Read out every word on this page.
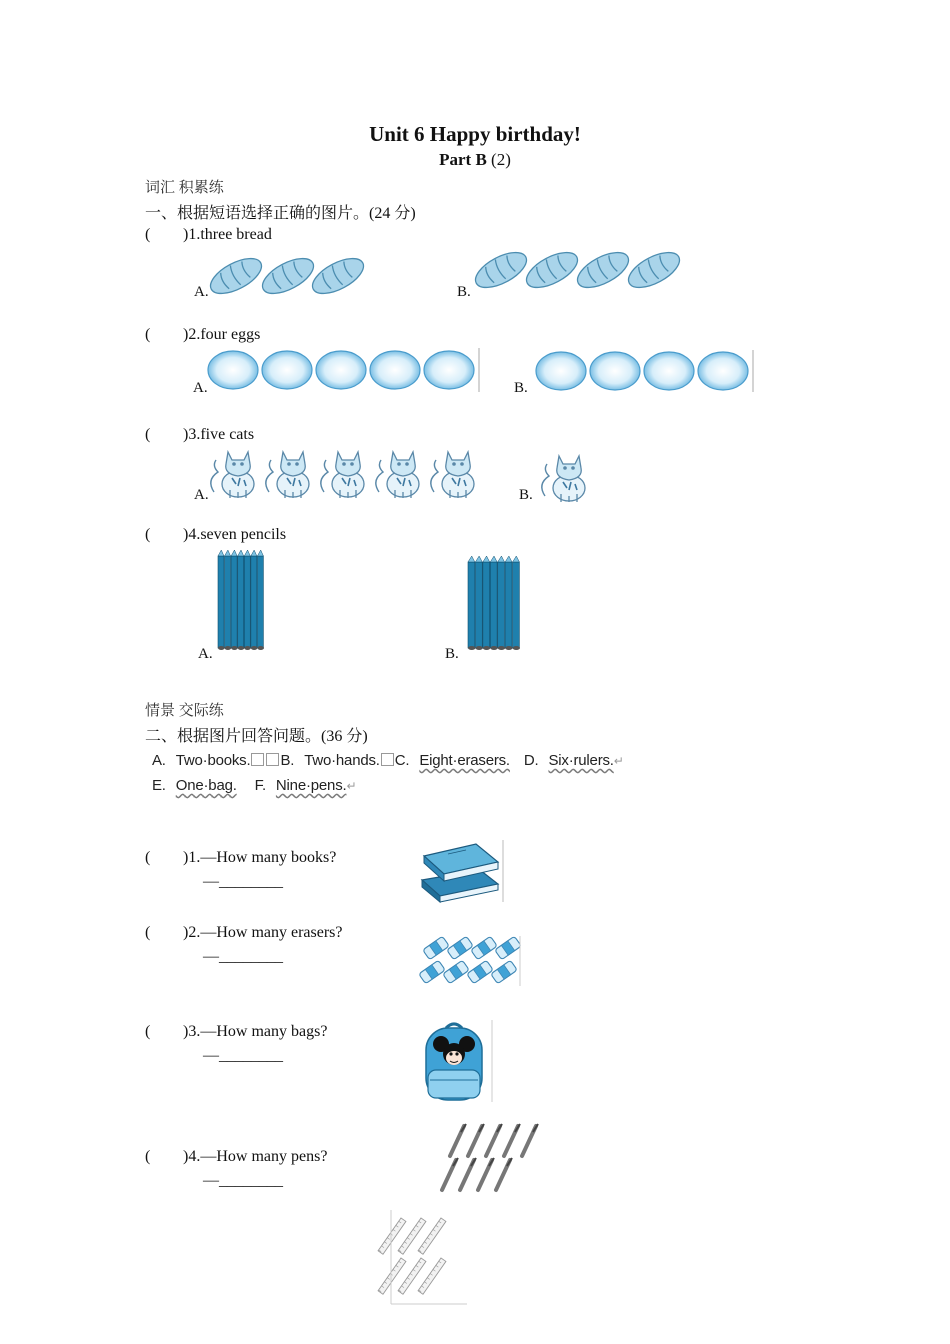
Unit 6 Happy birthday!
Part B (2)
词汇 积累练
一、根据短语选择正确的图片。(24 分)
( )1.three bread
A.	B.
( )2.four eggs
A.	B.
( )3.five cats
A.	B.
( )4.seven pencils
A.	B.
情景 交际练
二、根据图片回答问题。(36 分)
A. Two·books. B. Two·hands. C. Eight·erasers. D. Six·rulers.↵
E. One·bag. F. Nine·pens.↵
( )1.—How many books?
—________
( )2.—How many erasers?
—________
( )3.—How many bags?
—________
( )4.—How many pens?
—________
